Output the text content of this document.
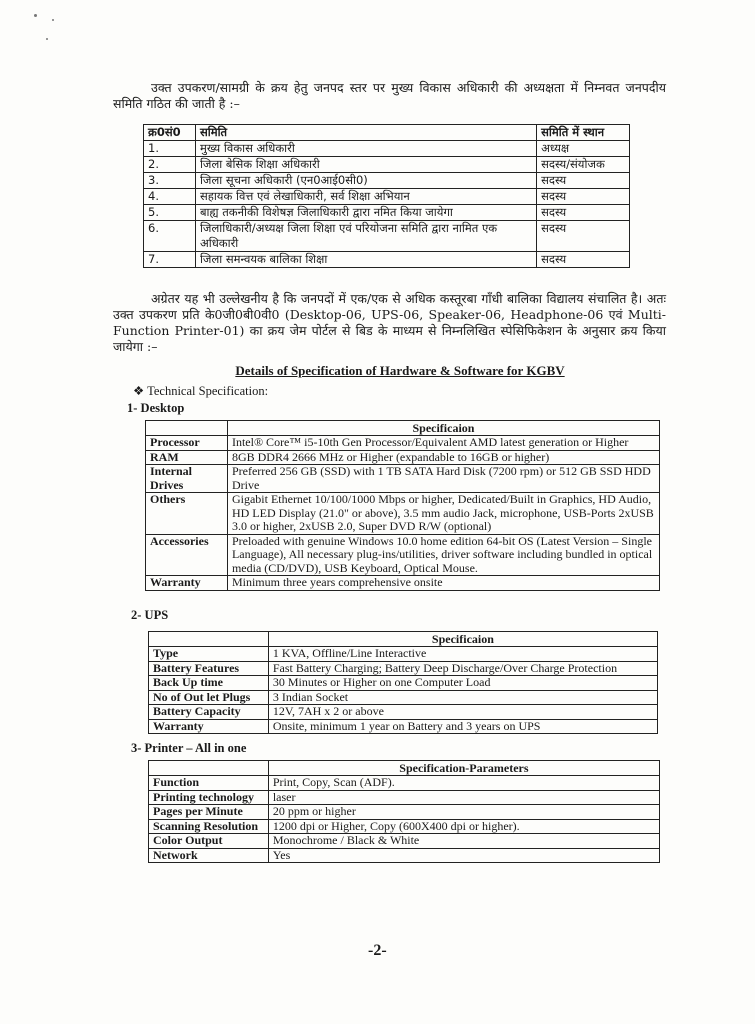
उक्त उपकरण/सामग्री के क्रय हेतु जनपद स्तर पर मुख्य विकास अधिकारी की अध्यक्षता में निम्नवत जनपदीय समिति गठित की जाती है :–
क्र0सं0	समिति	समिति में स्थान
1.	मुख्य विकास अधिकारी	अध्यक्ष
2.	जिला बेसिक शिक्षा अधिकारी	सदस्य/संयोजक
3.	जिला सूचना अधिकारी (एन0आई0सी0)	सदस्य
4.	सहायक वित्त एवं लेखाधिकारी, सर्व शिक्षा अभियान	सदस्य
5.	बाह्य तकनीकी विशेषज्ञ जिलाधिकारी द्वारा नमित किया जायेगा	सदस्य
6.	जिलाधिकारी/अध्यक्ष जिला शिक्षा एवं परियोजना समिति द्वारा नामित एक अधिकारी	सदस्य
7.	जिला समन्वयक बालिका शिक्षा	सदस्य
अग्रेतर यह भी उल्लेखनीय है कि जनपदों में एक/एक से अधिक कस्तूरबा गाँधी बालिका विद्यालय संचालित है। अतः उक्त उपकरण प्रति के0जी0बी0वी0 (Desktop-06, UPS-06, Speaker-06, Headphone-06 एवं Multi-Function Printer-01) का क्रय जेम पोर्टल से बिड के माध्यम से निम्नलिखित स्पेसिफिकेशन के अनुसार क्रय किया जायेगा :–
Details of Specification of Hardware & Software for KGBV
❖ Technical Specification:
1- Desktop
	Specificaion
Processor	Intel® Core™ i5-10th Gen Processor/Equivalent AMD latest generation or Higher
RAM	8GB DDR4 2666 MHz or Higher (expandable to 16GB or higher)
Internal Drives	Preferred 256 GB (SSD) with 1 TB SATA Hard Disk (7200 rpm) or 512 GB SSD HDD Drive
Others	Gigabit Ethernet 10/100/1000 Mbps or higher, Dedicated/Built in Graphics, HD Audio, HD LED Display (21.0" or above), 3.5 mm audio Jack, microphone, USB-Ports 2xUSB 3.0 or higher, 2xUSB 2.0, Super DVD R/W (optional)
Accessories	Preloaded with genuine Windows 10.0 home edition 64-bit OS (Latest Version – Single Language), All necessary plug-ins/utilities, driver software including bundled in optical media (CD/DVD), USB Keyboard, Optical Mouse.
Warranty	Minimum three years comprehensive onsite
2- UPS
	Specificaion
Type	1 KVA, Offline/Line Interactive
Battery Features	Fast Battery Charging; Battery Deep Discharge/Over Charge Protection
Back Up time	30 Minutes or Higher on one Computer Load
No of Out let Plugs	3 Indian Socket
Battery Capacity	12V, 7AH x 2 or above
Warranty	Onsite, minimum 1 year on Battery and 3 years on UPS
3- Printer – All in one
	Specification-Parameters
Function	Print, Copy, Scan (ADF).
Printing technology	laser
Pages per Minute	20 ppm or higher
Scanning Resolution	1200 dpi or Higher, Copy (600X400 dpi or higher).
Color Output	Monochrome / Black & White
Network	Yes
-2-
